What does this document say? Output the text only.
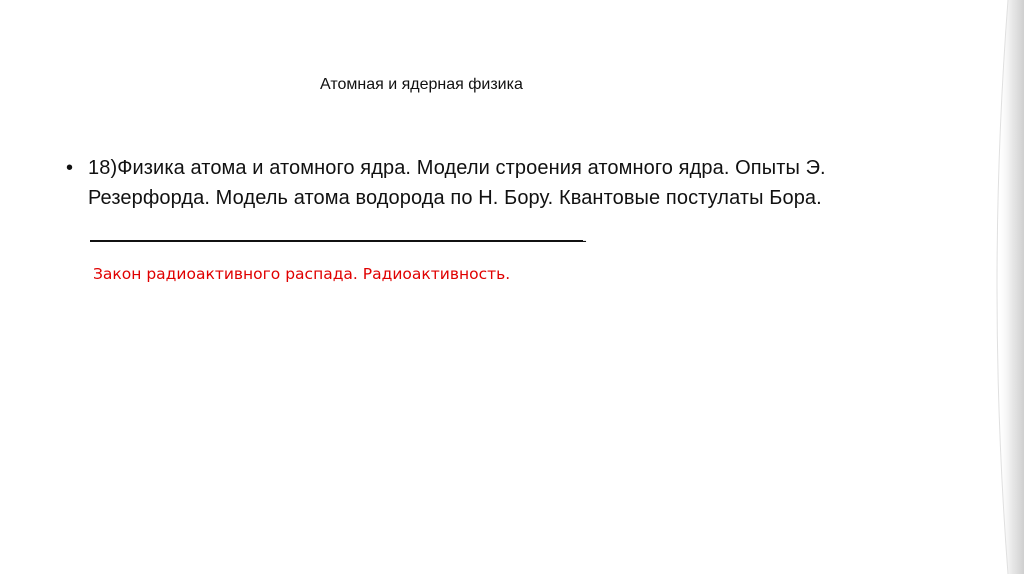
Атомная и ядерная физика
• 18)Физика атома и атомного ядра. Модели строения атомного ядра. Опыты Э.
Резерфорда. Модель атома водорода по Н. Бору. Квантовые постулаты Бора.
-
Закон радиоактивного распада. Радиоактивность.
